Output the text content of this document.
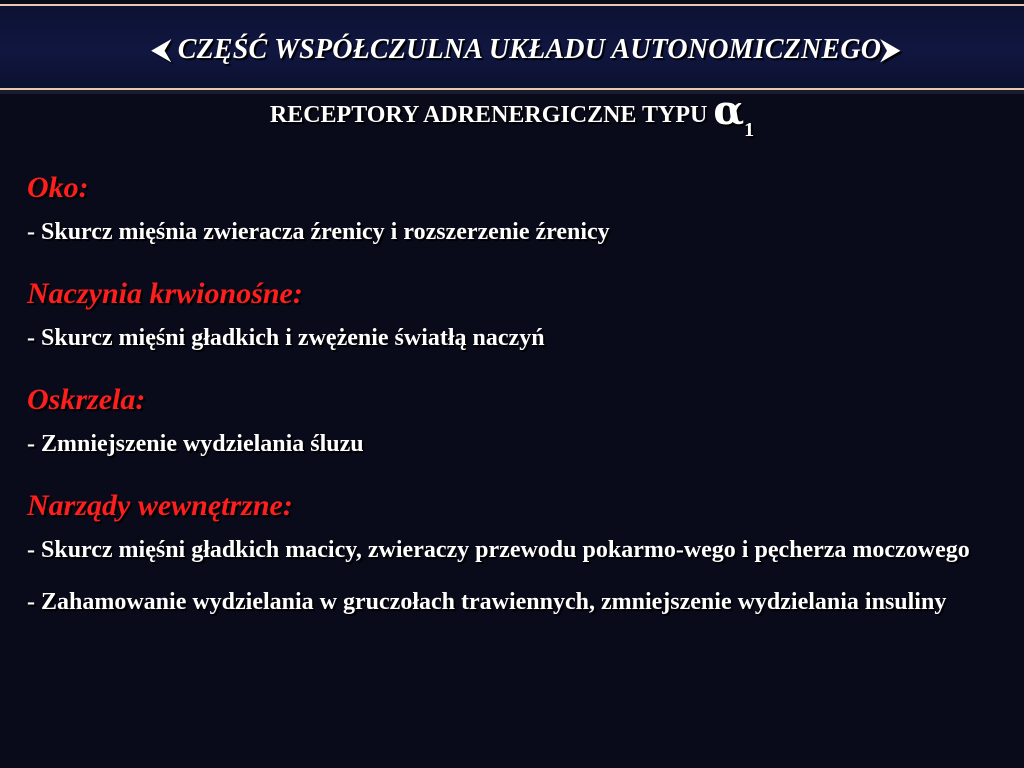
⮜ CZĘŚĆ WSPÓŁCZULNA UKŁADU AUTONOMICZNEGO⮞
RECEPTORY ADRENERGICZNE TYPU $\alpha_1$
Oko:
- Skurcz mięśnia zwieracza źrenicy i rozszerzenie źrenicy
Naczynia krwionośne:
- Skurcz mięśni gładkich i zwężenie światłą naczyń
Oskrzela:
- Zmniejszenie wydzielania śluzu
Narządy wewnętrzne:
- Skurcz mięśni gładkich macicy, zwieraczy przewodu pokarmo-wego i pęcherza moczowego
- Zahamowanie wydzielania w gruczołach trawiennych, zmniejszenie wydzielania insuliny
